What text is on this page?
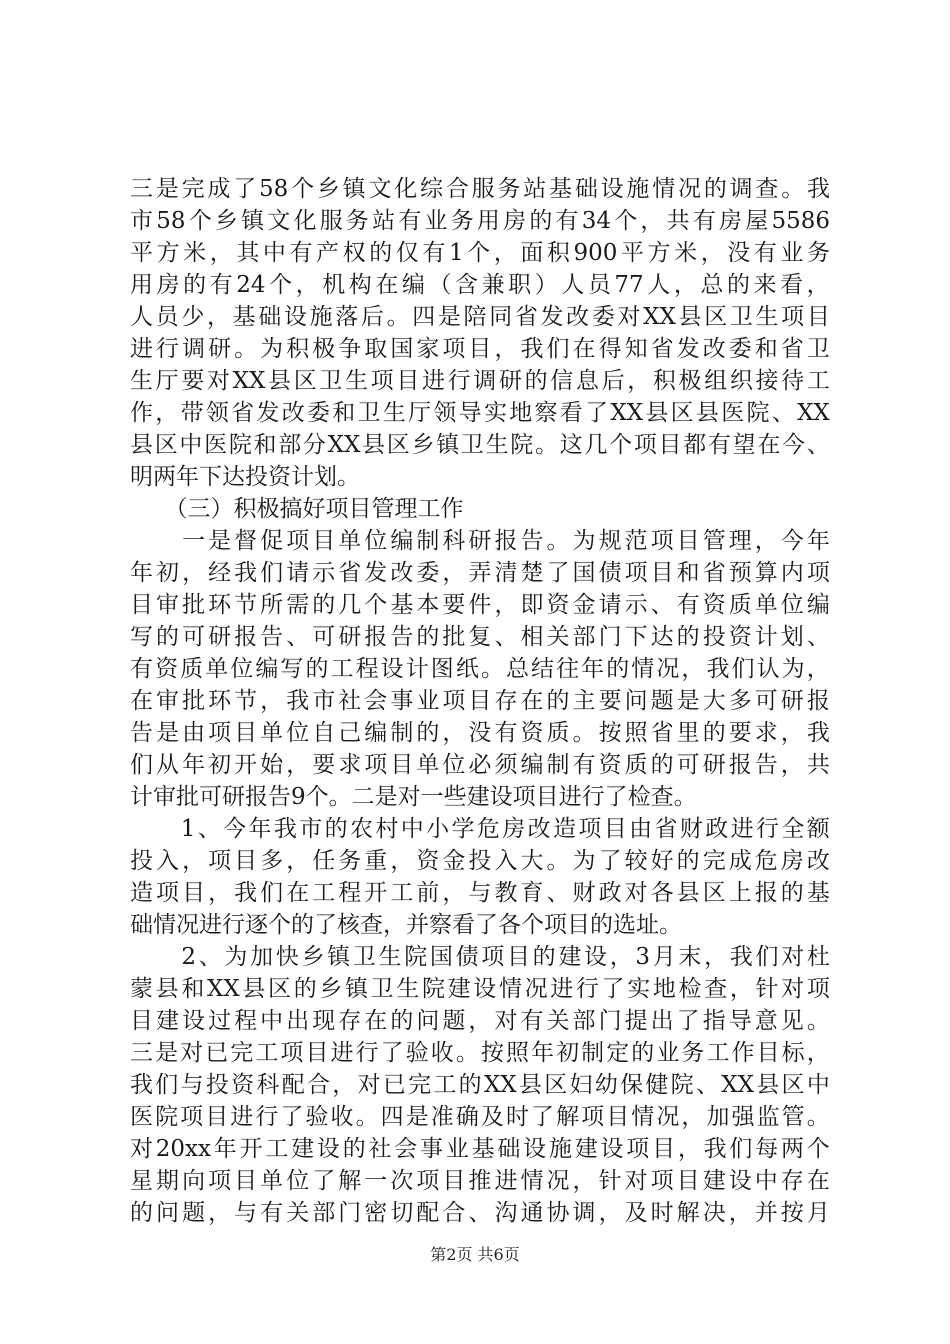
三 是 完 成 了 58 个 乡 镇 文 化 综 合 服 务 站 基 础 设 施 情 况 的 调 查 。 我
市 58 个 乡 镇 文 化 服 务 站 有 业 务 用 房 的 有 34 个 ， 共 有 房 屋 5586
平 方 米 ， 其 中 有 产 权 的 仅 有 1 个 ， 面 积 900 平 方 米 ， 没 有 业 务
用 房 的 有 24 个 ， 机 构 在 编 （ 含 兼 职 ） 人 员 77 人 ， 总 的 来 看 ，
人 员 少 ， 基 础 设 施 落 后 。 四 是 陪 同 省 发 改 委 对 XX 县 区 卫 生 项 目
进 行 调 研 。 为 积 极 争 取 国 家 项 目 ， 我 们 在 得 知 省 发 改 委 和 省 卫
生 厅 要 对 XX 县 区 卫 生 项 目 进 行 调 研 的 信 息 后 ， 积 极 组 织 接 待 工
作 ， 带 领 省 发 改 委 和 卫 生 厅 领 导 实 地 察 看 了 XX 县 区 县 医 院 、 XX
县 区 中 医 院 和 部 分 XX 县 区 乡 镇 卫 生 院 。 这 几 个 项 目 都 有 望 在 今 、
明两年下达投资计划。
　　（三）积极搞好项目管理工作

一 是 督 促 项 目 单 位 编 制 科 研 报 告 。 为 规 范 项 目 管 理 ， 今 年
年 初 ， 经 我 们 请 示 省 发 改 委 ， 弄 清 楚 了 国 债 项 目 和 省 预 算 内 项
目 审 批 环 节 所 需 的 几 个 基 本 要 件 ， 即 资 金 请 示 、 有 资 质 单 位 编
写 的 可 研 报 告 、 可 研 报 告 的 批 复 、 相 关 部 门 下 达 的 投 资 计 划 、
有 资 质 单 位 编 写 的 工 程 设 计 图 纸 。 总 结 往 年 的 情 况 ， 我 们 认 为 ，
在 审 批 环 节 ， 我 市 社 会 事 业 项 目 存 在 的 主 要 问 题 是 大 多 可 研 报
告 是 由 项 目 单 位 自 己 编 制 的 ， 没 有 资 质 。 按 照 省 里 的 要 求 ， 我
们 从 年 初 开 始 ， 要 求 项 目 单 位 必 须 编 制 有 资 质 的 可 研 报 告 ， 共
计审批可研报告9个。二是对一些建设项目进行了检查。

1 、 今 年 我 市 的 农 村 中 小 学 危 房 改 造 项 目 由 省 财 政 进 行 全 额
投 入 ， 项 目 多 ， 任 务 重 ， 资 金 投 入 大 。 为 了 较 好 的 完 成 危 房 改
造 项 目 ， 我 们 在 工 程 开 工 前 ， 与 教 育 、 财 政 对 各 县 区 上 报 的 基
础情况进行逐个的了核查，并察看了各个项目的选址。

2 、 为 加 快 乡 镇 卫 生 院 国 债 项 目 的 建 设 ， 3 月 末 ， 我 们 对 杜
蒙 县 和 XX 县 区 的 乡 镇 卫 生 院 建 设 情 况 进 行 了 实 地 检 查 ， 针 对 项
目 建 设 过 程 中 出 现 存 在 的 问 题 ， 对 有 关 部 门 提 出 了 指 导 意 见 。
三 是 对 已 完 工 项 目 进 行 了 验 收 。 按 照 年 初 制 定 的 业 务 工 作 目 标 ，
我 们 与 投 资 科 配 合 ， 对 已 完 工 的 XX 县 区 妇 幼 保 健 院 、 XX 县 区 中
医 院 项 目 进 行 了 验 收 。 四 是 准 确 及 时 了 解 项 目 情 况 ， 加 强 监 管 。
对 20xx 年 开 工 建 设 的 社 会 事 业 基 础 设 施 建 设 项 目 ， 我 们 每 两 个
星 期 向 项 目 单 位 了 解 一 次 项 目 推 进 情 况 ， 针 对 项 目 建 设 中 存 在
的 问 题 ， 与 有 关 部 门 密 切 配 合 、 沟 通 协 调 ， 及 时 解 决 ， 并 按 月
第2页 共6页
